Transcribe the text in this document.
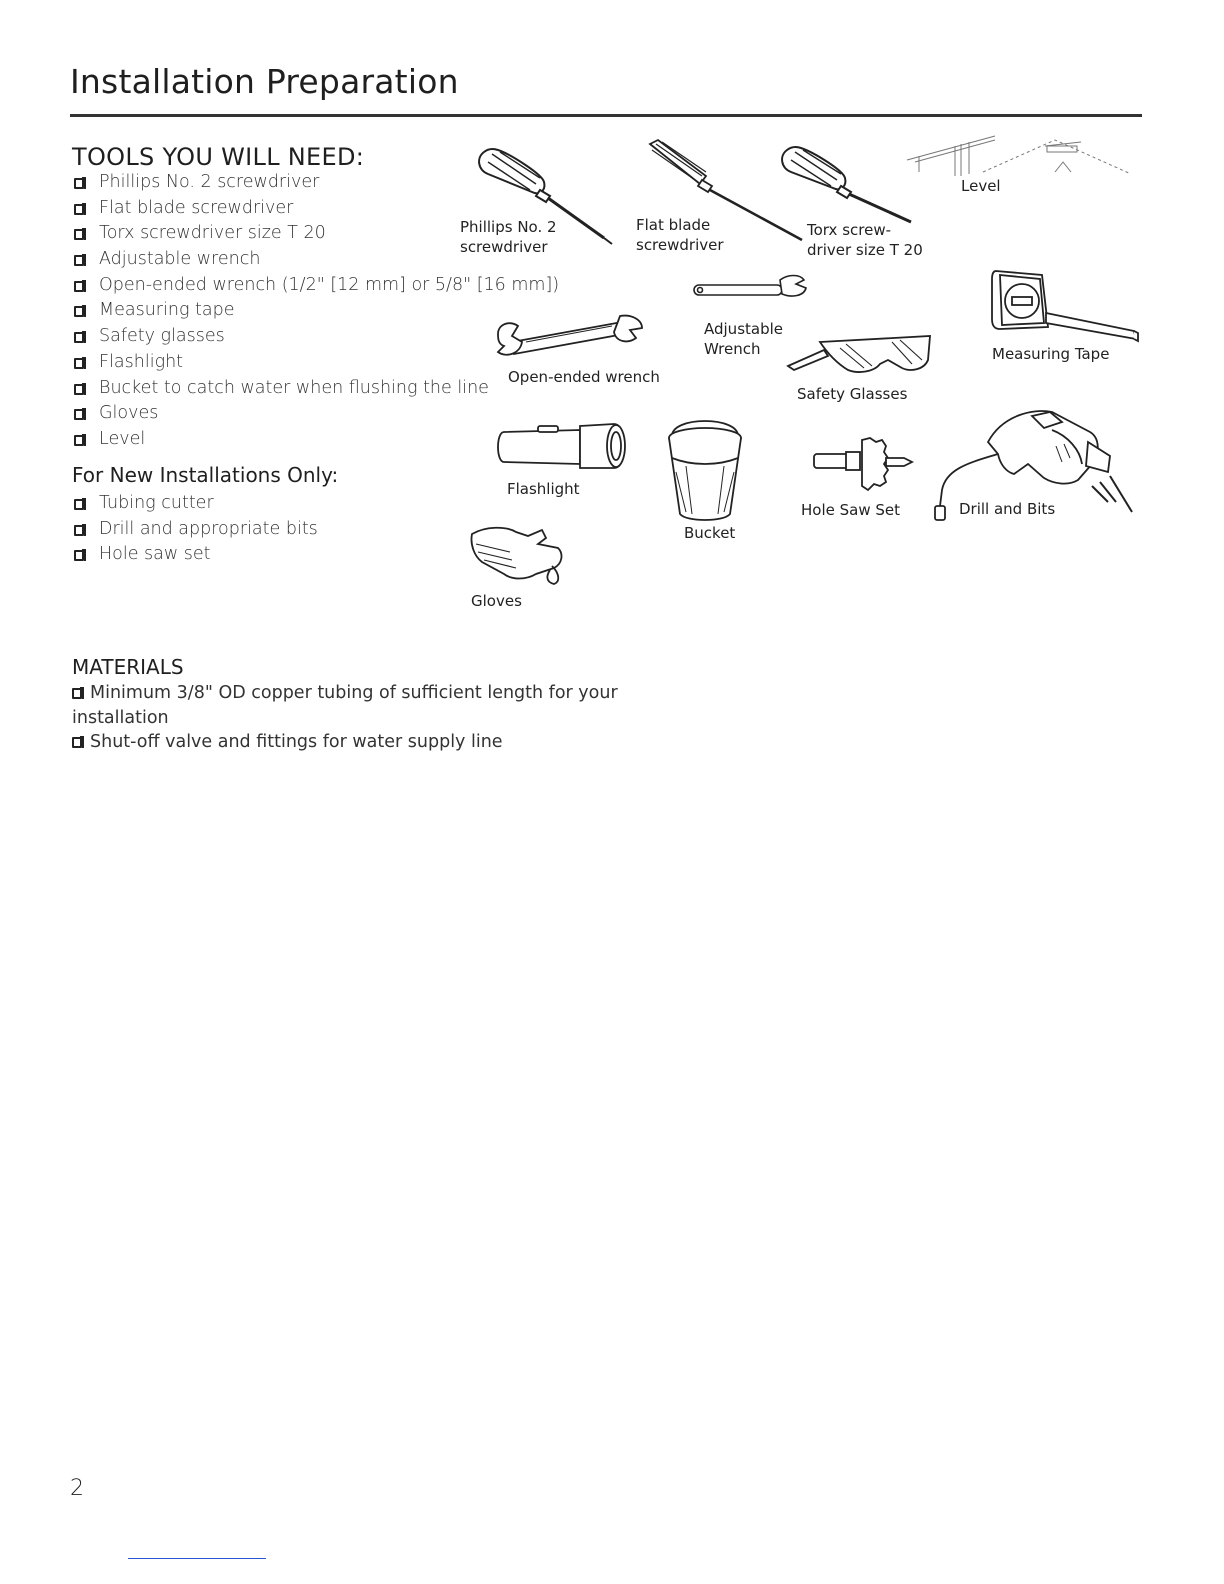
Installation Preparation
TOOLS YOU WILL NEED:
Phillips No. 2 screwdriver
Flat blade screwdriver
Torx screwdriver size T 20
Adjustable wrench
Open-ended wrench (1/2" [12 mm] or 5/8" [16 mm])
Measuring tape
Safety glasses
Flashlight
Bucket to catch water when flushing the line
Gloves
Level
For New Installations Only:
Tubing cutter
Drill and appropriate bits
Hole saw set
MATERIALS

Minimum 3/8" OD copper tubing of sufficient length for your installation

Shut-off valve and fittings for water supply line

Phillips No. 2
screwdriver
Flat blade
screwdriver
Torx screw-
driver size T 20
Level
Adjustable
Wrench	Measuring Tape
Open-ended wrench
Safety Glasses
Flashlight
Bucket
Hole Saw Set	Drill and Bits
Gloves
2
